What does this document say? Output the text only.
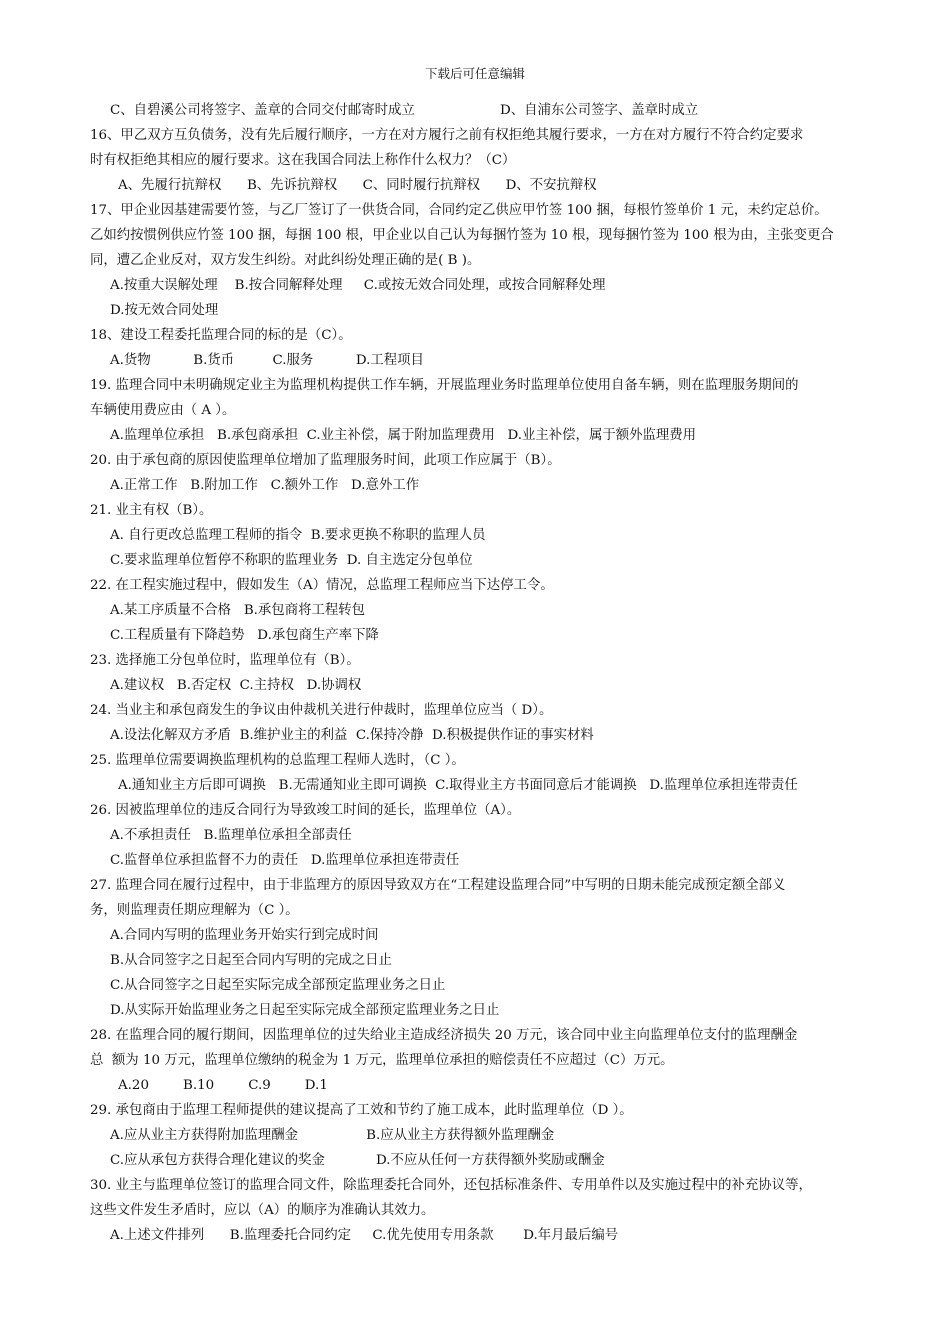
下载后可任意编辑
C、自碧溪公司将签字、盖章的合同交付邮寄时成立                    D、自浦东公司签字、盖章时成立
16、甲乙双方互负债务，没有先后履行顺序，一方在对方履行之前有权拒绝其履行要求，一方在对方履行不符合约定要求
时有权拒绝其相应的履行要求。这在我国合同法上称作什么权力？（C）
A、先履行抗辩权      B、先诉抗辩权      C、同时履行抗辩权      D、不安抗辩权
17、甲企业因基建需要竹签，与乙厂签订了一供货合同，合同约定乙供应甲竹签 100 捆，每根竹签单价 1 元，未约定总价。
乙如约按惯例供应竹签 100 捆，每捆 100 根，甲企业以自己认为每捆竹签为 10 根，现每捆竹签为 100 根为由，主张变更合
同，遭乙企业反对，双方发生纠纷。对此纠纷处理正确的是( B )。
A.按重大误解处理    B.按合同解释处理     C.或按无效合同处理，或按合同解释处理
D.按无效合同处理
18、建设工程委托监理合同的标的是（C）。
A.货物          B.货币         C.服务          D.工程项目
19. 监理合同中未明确规定业主为监理机构提供工作车辆，开展监理业务时监理单位使用自备车辆，则在监理服务期间的
车辆使用费应由（ A ）。
A.监理单位承担   B.承包商承担  C.业主补偿，属于附加监理费用   D.业主补偿，属于额外监理费用
20. 由于承包商的原因使监理单位增加了监理服务时间，此项工作应属于（B）。
A.正常工作   B.附加工作   C.额外工作   D.意外工作
21. 业主有权（B）。
A. 自行更改总监理工程师的指令  B.要求更换不称职的监理人员
C.要求监理单位暂停不称职的监理业务  D. 自主选定分包单位
22. 在工程实施过程中，假如发生（A）情况，总监理工程师应当下达停工令。
A.某工序质量不合格   B.承包商将工程转包
C.工程质量有下降趋势   D.承包商生产率下降
23. 选择施工分包单位时，监理单位有（B）。
A.建议权   B.否定权  C.主持权   D.协调权
24. 当业主和承包商发生的争议由仲裁机关进行仲裁时，监理单位应当（ D）。
A.设法化解双方矛盾  B.维护业主的利益  C.保持冷静  D.积极提供作证的事实材料
25. 监理单位需要调换监理机构的总监理工程师人选时，（C ）。
A.通知业主方后即可调换   B.无需通知业主即可调换  C.取得业主方书面同意后才能调换   D.监理单位承担连带责任
26. 因被监理单位的违反合同行为导致竣工时间的延长，监理单位（A）。
A.不承担责任   B.监理单位承担全部责任
C.监督单位承担监督不力的责任   D.监理单位承担连带责任
27. 监理合同在履行过程中，由于非监理方的原因导致双方在“工程建设监理合同”中写明的日期未能完成预定额全部义
务，则监理责任期应理解为（C ）。
A.合同内写明的监理业务开始实行到完成时间
B.从合同签字之日起至合同内写明的完成之日止
C.从合同签字之日起至实际完成全部预定监理业务之日止
D.从实际开始监理业务之日起至实际完成全部预定监理业务之日止
28. 在监理合同的履行期间，因监理单位的过失给业主造成经济损失 20 万元，该合同中业主向监理单位支付的监理酬金
总  额为 10 万元，监理单位缴纳的税金为 1 万元，监理单位承担的赔偿责任不应超过（C）万元。
A.20        B.10        C.9        D.1
29. 承包商由于监理工程师提供的建议提高了工效和节约了施工成本，此时监理单位（D ）。
A.应从业主方获得附加监理酬金                B.应从业主方获得额外监理酬金
C.应从承包方获得合理化建议的奖金            D.不应从任何一方获得额外奖励或酬金
30. 业主与监理单位签订的监理合同文件，除监理委托合同外，还包括标准条件、专用单件以及实施过程中的补充协议等，
这些文件发生矛盾时，应以（A）的顺序为准确认其效力。
A.上述文件排列      B.监理委托合同约定     C.优先使用专用条款       D.年月最后编号
